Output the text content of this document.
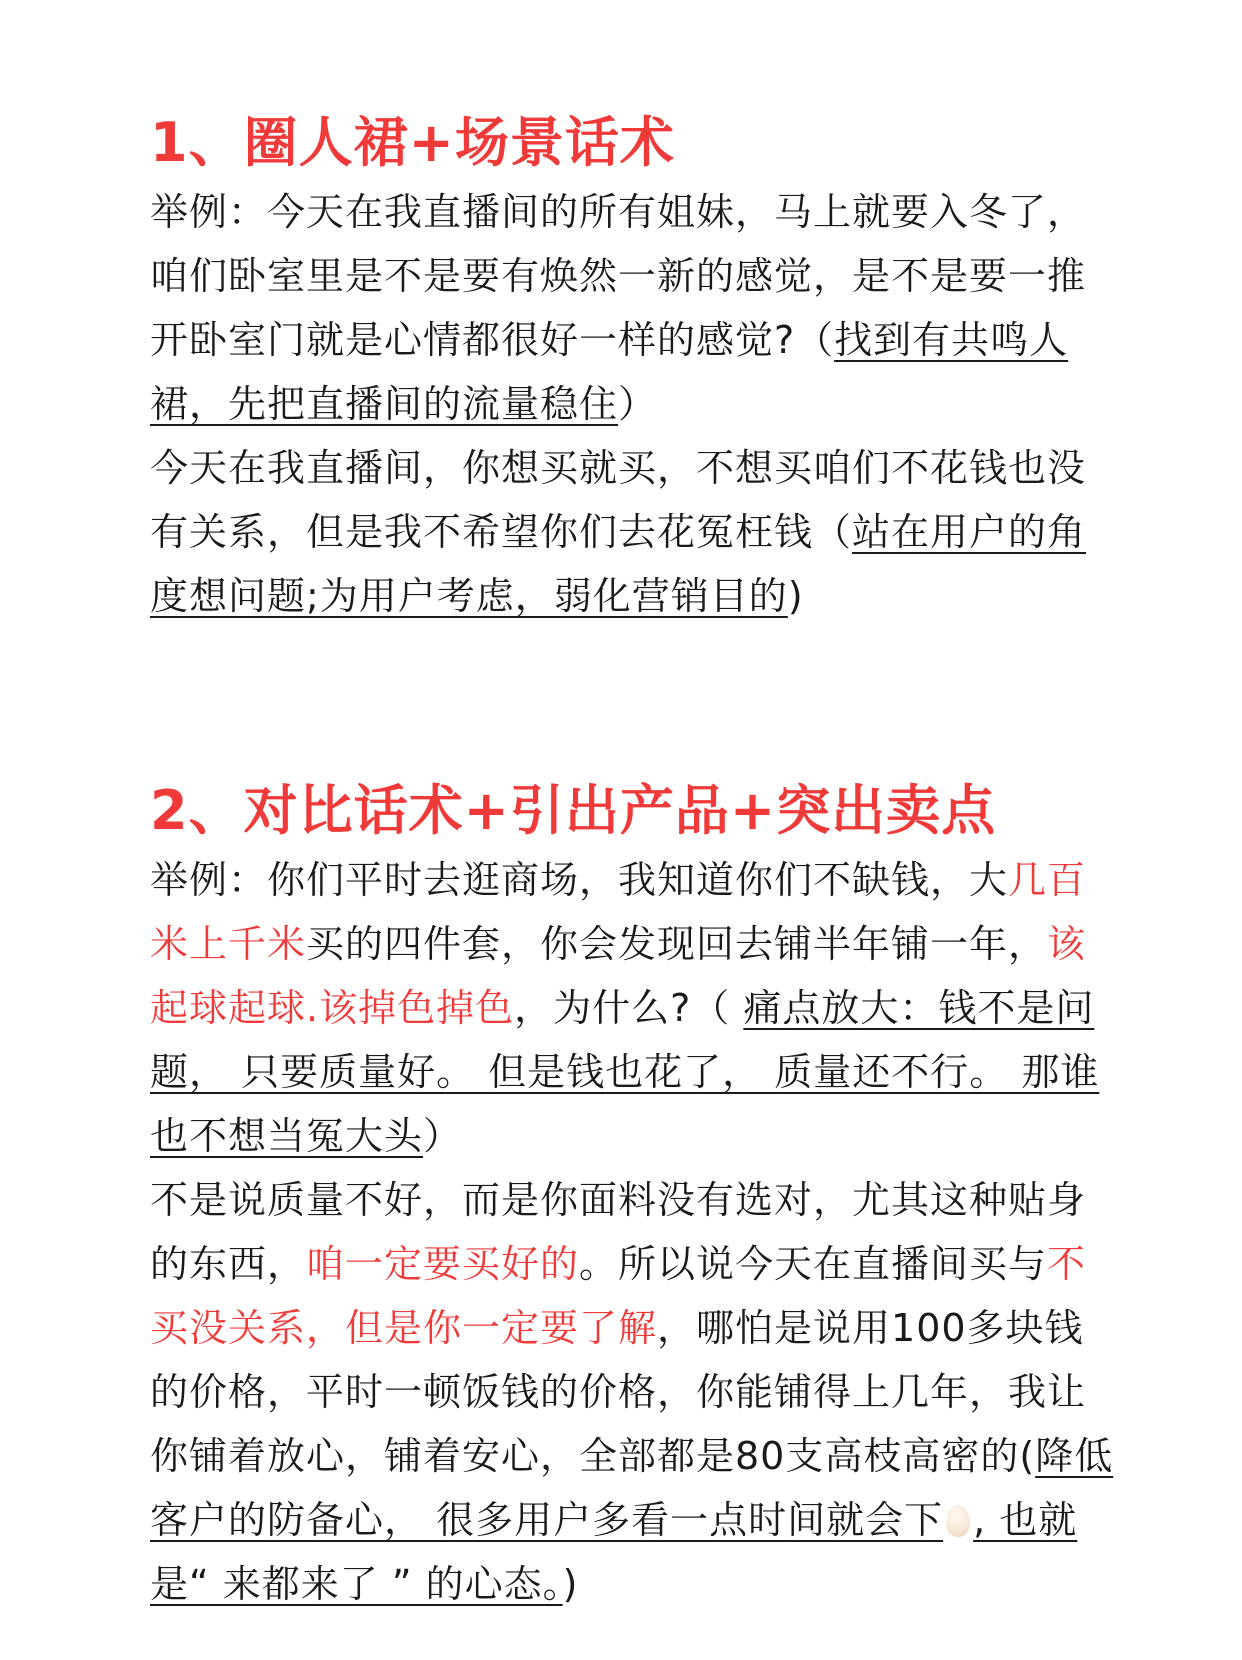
1、圈人裙+场景话术

举例：今天在我直播间的所有姐妹，马上就要入冬了，咱们卧室里是不是要有焕然一新的感觉，是不是要一推开卧室门就是心情都很好一样的感觉?（找到有共鸣人裙，先把直播间的流量稳住）

今天在我直播间，你想买就买，不想买咱们不花钱也没有关系，但是我不希望你们去花冤枉钱（站在用户的角度想问题;为用户考虑，弱化营销目的)

2、对比话术+引出产品+突出卖点

举例：你们平时去逛商场，我知道你们不缺钱，大几百米上千米买的四件套，你会发现回去铺半年铺一年，该起球起球.该掉色掉色，为什么?（ 痛点放大：钱不是问题， 只要质量好。 但是钱也花了， 质量还不行。 那谁也不想当冤大头）

不是说质量不好，而是你面料没有选对，尤其这种贴身的东西，咱一定要买好的。所以说今天在直播间买与不买没关系，但是你一定要了解，哪怕是说用100多块钱的价格，平时一顿饭钱的价格，你能铺得上几年，我让你铺着放心，铺着安心，全部都是80支高枝高密的(降低客户的防备心， 很多用户多看一点时间就会下 , 也就是“ 来都来了 ” 的心态。)
